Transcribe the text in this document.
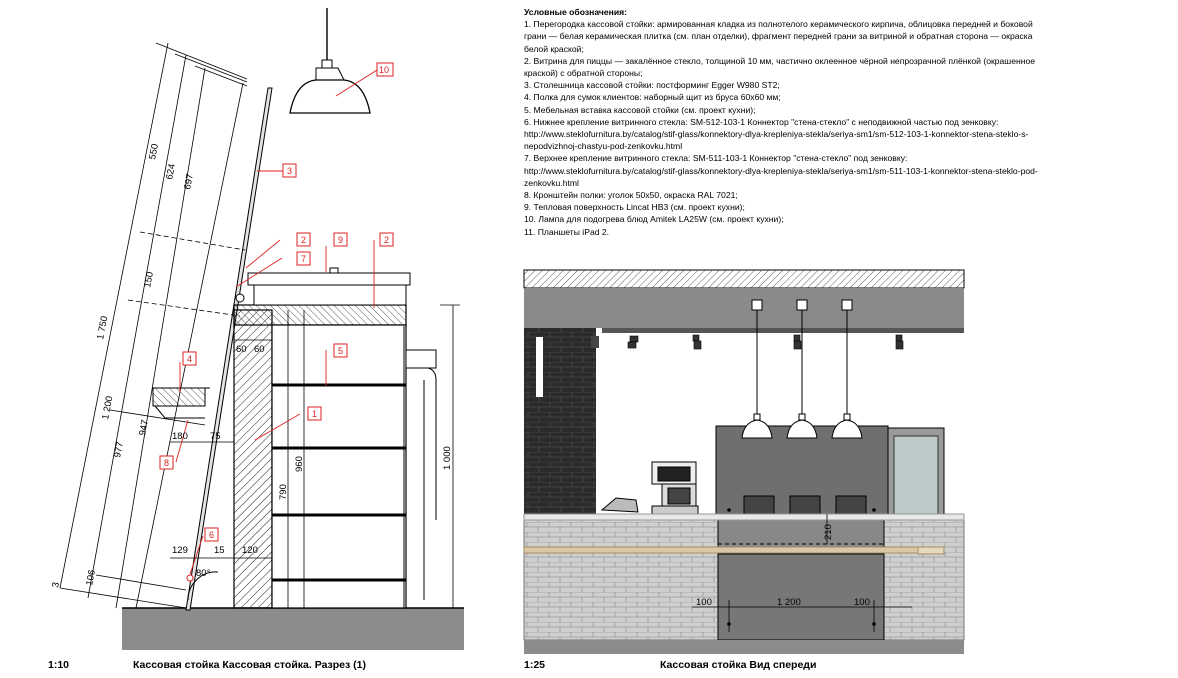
Условные обозначения:
1. Перегородка кассовой стойки: армированная кладка из полнотелого керамического кирпича, облицовка передней и боковой
грани — белая керамическая плитка (см. план отделки), фрагмент передней грани за витриной и обратная сторона — окраска
белой краской;
2. Витрина для пиццы — закалённое стекло, толщиной 10 мм, частично оклеенное чёрной непрозрачной плёнкой (окрашенное
краской) с обратной стороны;
3. Столешница кассовой стойки: постформинг Egger W980 ST2;
4. Полка для сумок клиентов: наборный щит из бруса 60х60 мм;
5. Мебельная вставка кассовой стойки (см. проект кухни);
6. Нижнее крепление витринного стекла: SM-512-103-1 Коннектор "стена-стекло" с неподвижной частью под зенковку:
http://www.steklofurnitura.by/catalog/stif-glass/konnektory-dlya-krepleniya-stekla/seriya-sm1/sm-512-103-1-konnektor-stena-steklo-s-
nepodvizhnoj-chastyu-pod-zenkovku.html
7. Верхнее крепление витринного стекла: SM-511-103-1 Коннектор "стена-стекло" под зенковку:
http://www.steklofurnitura.by/catalog/stif-glass/konnektory-dlya-krepleniya-stekla/seriya-sm1/sm-511-103-1-konnektor-stena-steklo-pod-
zenkovku.html
8. Кронштейн полки: уголок 50х50, окраска RAL 7021;
9. Тепловая поверхность Lincat HB3 (см. проект кухни);
10. Лампа для подогрева блюд Amitek LA25W (см. проект кухни);
11. Планшеты iPad 2.
3
2
7
9	2
5
1
4
8
6
10
550
624
697
1 750
150
1 200
977
947
106
3
60 60
180 75
790
960	1 000
129	15 120
80°
210
100	1 200	100
1:10	Кассовая стойка Кассовая стойка. Разрез (1)	1:25	Кассовая стойка Вид спереди
